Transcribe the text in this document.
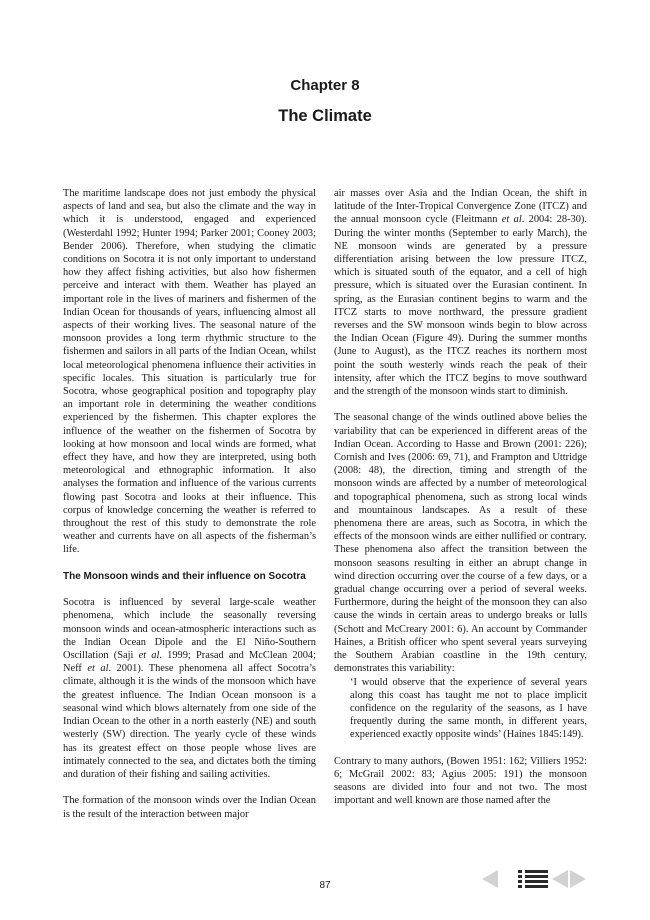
Chapter 8
The Climate

The maritime landscape does not just embody the physical aspects of land and sea, but also the climate and the way in which it is understood, engaged and experienced (Westerdahl 1992; Hunter 1994; Parker 2001; Cooney 2003; Bender 2006). Therefore, when studying the climatic conditions on Socotra it is not only important to understand how they affect fishing activities, but also how fishermen perceive and interact with them. Weather has played an important role in the lives of mariners and fishermen of the Indian Ocean for thousands of years, influencing almost all aspects of their working lives. The seasonal nature of the monsoon provides a long term rhythmic structure to the fishermen and sailors in all parts of the Indian Ocean, whilst local meteorological phenomena influence their activities in specific locales. This situation is particularly true for Socotra, whose geographical position and topography play an important role in determining the weather conditions experienced by the fishermen. This chapter explores the influence of the weather on the fishermen of Socotra by looking at how monsoon and local winds are formed, what effect they have, and how they are interpreted, using both meteorological and ethnographic information. It also analyses the formation and influence of the various currents flowing past Socotra and looks at their influence. This corpus of knowledge concerning the weather is referred to throughout the rest of this study to demonstrate the role weather and currents have on all aspects of the fisherman’s life.

The Monsoon winds and their influence on Socotra

Socotra is influenced by several large-scale weather phenomena, which include the seasonally reversing monsoon winds and ocean-atmospheric interactions such as the Indian Ocean Dipole and the El Niño-Southern Oscillation (Saji et al. 1999; Prasad and McClean 2004; Neff et al. 2001). These phenomena all affect Socotra’s climate, although it is the winds of the monsoon which have the greatest influence. The Indian Ocean monsoon is a seasonal wind which blows alternately from one side of the Indian Ocean to the other in a north easterly (NE) and south westerly (SW) direction. The yearly cycle of these winds has its greatest effect on those people whose lives are intimately connected to the sea, and dictates both the timing and duration of their fishing and sailing activities.

The formation of the monsoon winds over the Indian Ocean is the result of the interaction between major

air masses over Asia and the Indian Ocean, the shift in latitude of the Inter-Tropical Convergence Zone (ITCZ) and the annual monsoon cycle (Fleitmann et al. 2004: 28-30). During the winter months (September to early March), the NE monsoon winds are generated by a pressure differentiation arising between the low pressure ITCZ, which is situated south of the equator, and a cell of high pressure, which is situated over the Eurasian continent. In spring, as the Eurasian continent begins to warm and the ITCZ starts to move northward, the pressure gradient reverses and the SW monsoon winds begin to blow across the Indian Ocean (Figure 49). During the summer months (June to August), as the ITCZ reaches its northern most point the south westerly winds reach the peak of their intensity, after which the ITCZ begins to move southward and the strength of the monsoon winds start to diminish.

The seasonal change of the winds outlined above belies the variability that can be experienced in different areas of the Indian Ocean. According to Hasse and Brown (2001: 226); Cornish and Ives (2006: 69, 71), and Frampton and Uttridge (2008: 48), the direction, timing and strength of the monsoon winds are affected by a number of meteorological and topographical phenomena, such as strong local winds and mountainous landscapes. As a result of these phenomena there are areas, such as Socotra, in which the effects of the monsoon winds are either nullified or contrary. These phenomena also affect the transition between the monsoon seasons resulting in either an abrupt change in wind direction occurring over the course of a few days, or a gradual change occurring over a period of several weeks. Furthermore, during the height of the monsoon they can also cause the winds in certain areas to undergo breaks or lulls (Schott and McCreary 2001: 6). An account by Commander Haines, a British officer who spent several years surveying the Southern Arabian coastline in the 19th century, demonstrates this variability:

‘I would observe that the experience of several years along this coast has taught me not to place implicit confidence on the regularity of the seasons, as I have frequently during the same month, in different years, experienced exactly opposite winds’ (Haines 1845:149).

Contrary to many authors, (Bowen 1951: 162; Villiers 1952: 6; McGrail 2002: 83; Agius 2005: 191) the monsoon seasons are divided into four and not two. The most important and well known are those named after the

87
